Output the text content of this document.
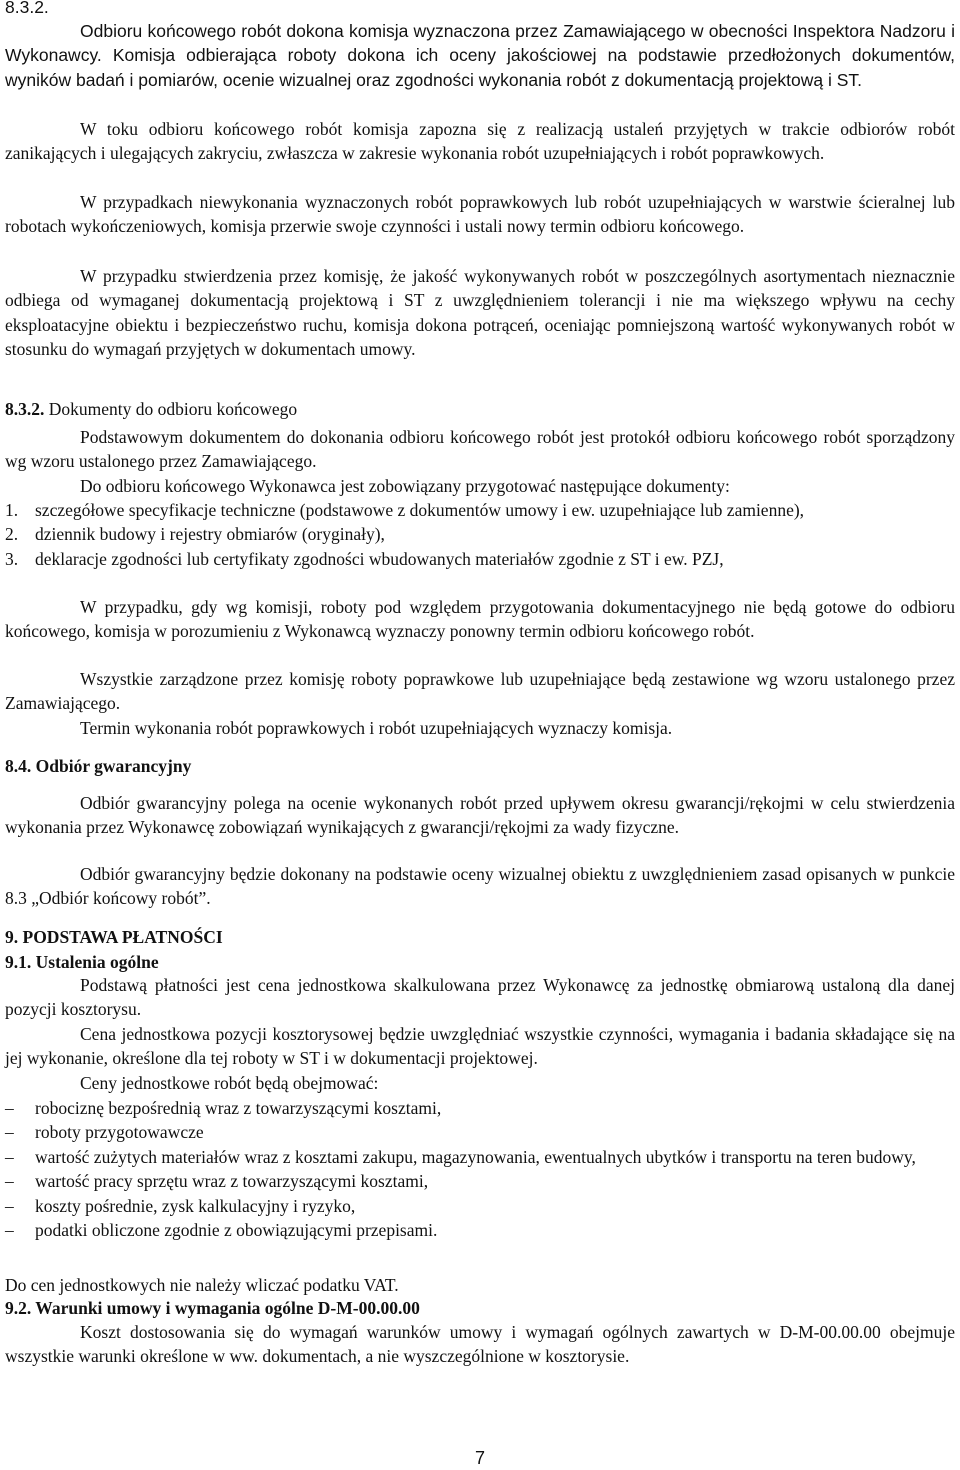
8.3.2.

Odbioru końcowego robót dokona komisja wyznaczona przez Zamawiającego w obecności Inspektora Nadzoru i Wykonawcy. Komisja odbierająca roboty dokona ich oceny jakościowej na podstawie przedłożonych dokumentów, wyników badań i pomiarów, ocenie wizualnej oraz zgodności wykonania robót z dokumentacją projektową i ST.

W toku odbioru końcowego robót komisja zapozna się z realizacją ustaleń przyjętych w trakcie odbiorów robót zanikających i ulegających zakryciu, zwłaszcza w zakresie wykonania robót uzupełniających i robót poprawkowych.

W przypadkach niewykonania wyznaczonych robót poprawkowych lub robót uzupełniających w warstwie ścieralnej lub robotach wykończeniowych, komisja przerwie swoje czynności i ustali nowy termin odbioru końcowego.

W przypadku stwierdzenia przez komisję, że jakość wykonywanych robót w poszczególnych asortymentach nieznacznie odbiega od wymaganej dokumentacją projektową i ST z uwzględnieniem tolerancji i nie ma większego wpływu na cechy eksploatacyjne obiektu i bezpieczeństwo ruchu, komisja dokona potrąceń, oceniając pomniejszoną wartość wykonywanych robót w stosunku do wymagań przyjętych w dokumentach umowy.

8.3.2. Dokumenty do odbioru końcowego

Podstawowym dokumentem do dokonania odbioru końcowego robót jest protokół odbioru końcowego robót sporządzony wg wzoru ustalonego przez Zamawiającego.

Do odbioru końcowego Wykonawca jest zobowiązany przygotować następujące dokumenty:

1. szczegółowe specyfikacje techniczne (podstawowe z dokumentów umowy i ew. uzupełniające lub zamienne),
2. dziennik budowy i rejestry obmiarów (oryginały),
3. deklaracje zgodności lub certyfikaty zgodności wbudowanych materiałów zgodnie z ST i ew. PZJ,

W przypadku, gdy wg komisji, roboty pod względem przygotowania dokumentacyjnego nie będą gotowe do odbioru końcowego, komisja w porozumieniu z Wykonawcą wyznaczy ponowny termin odbioru końcowego robót.

Wszystkie zarządzone przez komisję roboty poprawkowe lub uzupełniające będą zestawione wg wzoru ustalonego przez Zamawiającego.

Termin wykonania robót poprawkowych i robót uzupełniających wyznaczy komisja.

8.4. Odbiór gwarancyjny

Odbiór gwarancyjny polega na ocenie wykonanych robót przed upływem okresu gwarancji/rękojmi w celu stwierdzenia wykonania przez Wykonawcę zobowiązań wynikających z gwarancji/rękojmi za wady fizyczne.

Odbiór gwarancyjny będzie dokonany na podstawie oceny wizualnej obiektu z uwzględnieniem zasad opisanych w punkcie 8.3 „Odbiór końcowy robót”.

9. PODSTAWA PŁATNOŚCI

9.1. Ustalenia ogólne

Podstawą płatności jest cena jednostkowa skalkulowana przez Wykonawcę za jednostkę obmiarową ustaloną dla danej pozycji kosztorysu.

Cena jednostkowa pozycji kosztorysowej będzie uwzględniać wszystkie czynności, wymagania i badania składające się na jej wykonanie, określone dla tej roboty w ST i w dokumentacji projektowej.

Ceny jednostkowe robót będą obejmować:

– robociznę bezpośrednią wraz z towarzyszącymi kosztami,
– roboty przygotowawcze
– wartość zużytych materiałów wraz z kosztami zakupu, magazynowania, ewentualnych ubytków i transportu na teren budowy,
– wartość pracy sprzętu wraz z towarzyszącymi kosztami,
– koszty pośrednie, zysk kalkulacyjny i ryzyko,
– podatki obliczone zgodnie z obowiązującymi przepisami.

Do cen jednostkowych nie należy wliczać podatku VAT.

9.2. Warunki umowy i wymagania ogólne D-M-00.00.00

Koszt dostosowania się do wymagań warunków umowy i wymagań ogólnych zawartych w D-M-00.00.00 obejmuje wszystkie warunki określone w ww. dokumentach, a nie wyszczególnione w kosztorysie.

7
